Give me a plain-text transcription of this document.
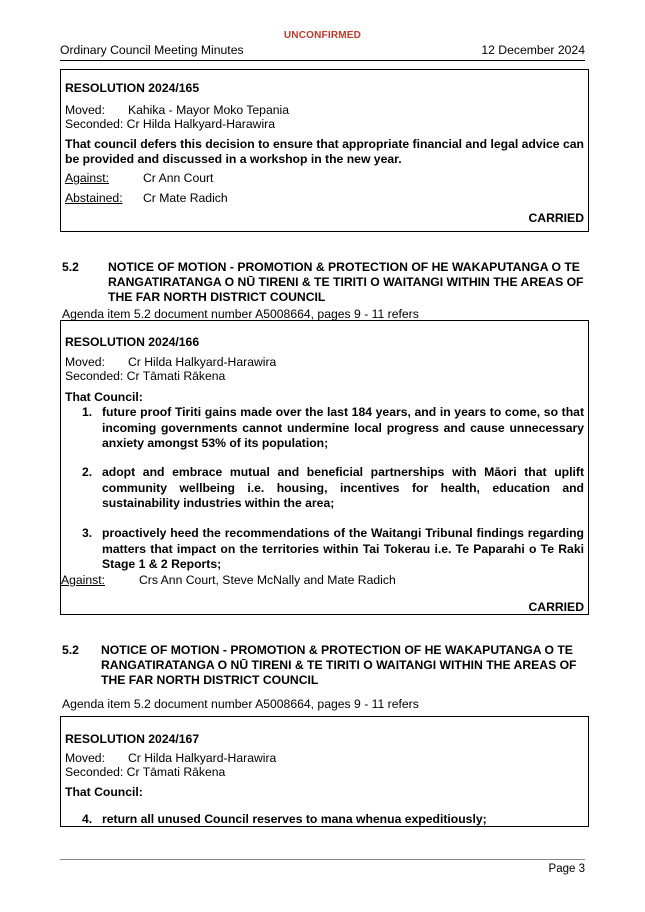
UNCONFIRMED
Ordinary Council Meeting Minutes	12 December 2024
RESOLUTION 2024/165
Moved: Kahika - Mayor Moko Tepania
Seconded: Cr Hilda Halkyard-Harawira
That council defers this decision to ensure that appropriate financial and legal advice can be provided and discussed in a workshop in the new year.
Against:	Cr Ann Court
Abstained: Cr Mate Radich
CARRIED
5.2 NOTICE OF MOTION - PROMOTION & PROTECTION OF HE WAKAPUTANGA O TE RANGATIRATANGA O NŪ TIRENI & TE TIRITI O WAITANGI WITHIN THE AREAS OF THE FAR NORTH DISTRICT COUNCIL
Agenda item 5.2 document number A5008664, pages 9 - 11 refers
RESOLUTION 2024/166
Moved: Cr Hilda Halkyard-Harawira
Seconded: Cr Tāmati Rākena
That Council:
1. future proof Tiriti gains made over the last 184 years, and in years to come, so that incoming governments cannot undermine local progress and cause unnecessary anxiety amongst 53% of its population;
2. adopt and embrace mutual and beneficial partnerships with Māori that uplift community wellbeing i.e. housing, incentives for health, education and sustainability industries within the area;
3. proactively heed the recommendations of the Waitangi Tribunal findings regarding matters that impact on the territories within Tai Tokerau i.e. Te Paparahi o Te Raki Stage 1 & 2 Reports;
Against:	Crs Ann Court, Steve McNally and Mate Radich
CARRIED
5.2 NOTICE OF MOTION - PROMOTION & PROTECTION OF HE WAKAPUTANGA O TE RANGATIRATANGA O NŪ TIRENI & TE TIRITI O WAITANGI WITHIN THE AREAS OF THE FAR NORTH DISTRICT COUNCIL
Agenda item 5.2 document number A5008664, pages 9 - 11 refers
RESOLUTION 2024/167
Moved: Cr Hilda Halkyard-Harawira
Seconded: Cr Tāmati Rākena
That Council:
4. return all unused Council reserves to mana whenua expeditiously;
Page 3
